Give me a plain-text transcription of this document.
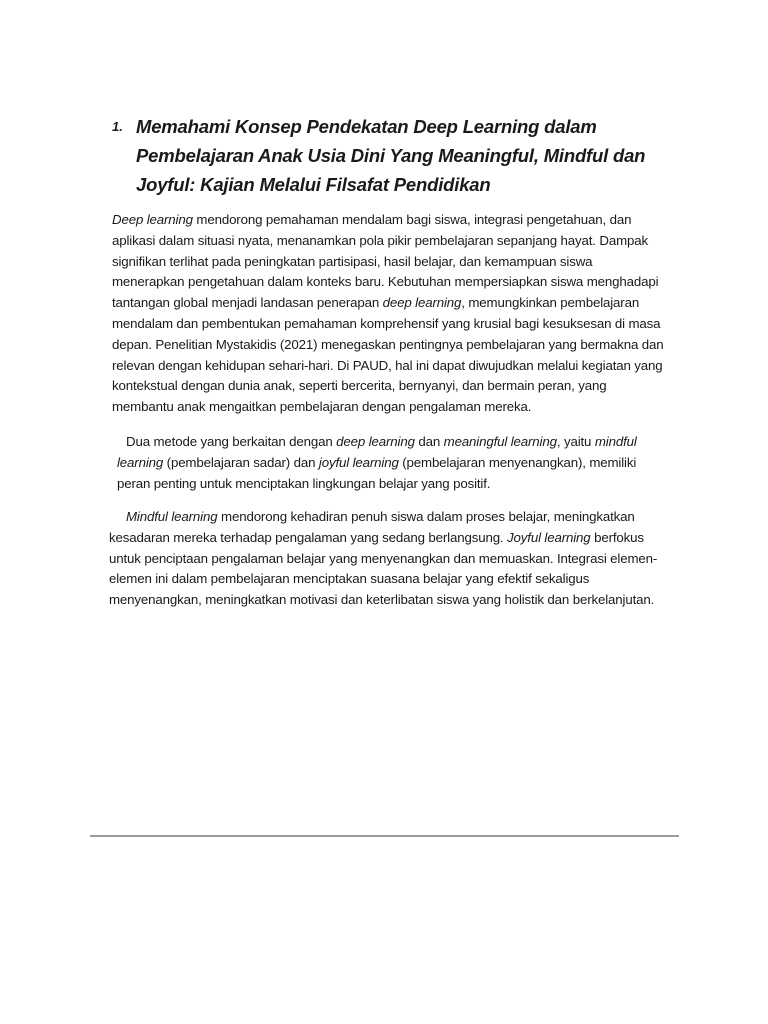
1. Memahami Konsep Pendekatan Deep Learning dalam
Pembelajaran Anak Usia Dini Yang Meaningful, Mindful dan
Joyful: Kajian Melalui Filsafat Pendidikan

Deep learning mendorong pemahaman mendalam bagi siswa, integrasi pengetahuan, dan
aplikasi dalam situasi nyata, menanamkan pola pikir pembelajaran sepanjang hayat. Dampak
signifikan terlihat pada peningkatan partisipasi, hasil belajar, dan kemampuan siswa
menerapkan pengetahuan dalam konteks baru. Kebutuhan mempersiapkan siswa menghadapi
tantangan global menjadi landasan penerapan deep learning, memungkinkan pembelajaran
mendalam dan pembentukan pemahaman komprehensif yang krusial bagi kesuksesan di masa
depan. Penelitian Mystakidis (2021) menegaskan pentingnya pembelajaran yang bermakna dan
relevan dengan kehidupan sehari-hari. Di PAUD, hal ini dapat diwujudkan melalui kegiatan yang
kontekstual dengan dunia anak, seperti bercerita, bernyanyi, dan bermain peran, yang
membantu anak mengaitkan pembelajaran dengan pengalaman mereka.

Dua metode yang berkaitan dengan deep learning dan meaningful learning, yaitu mindful
learning (pembelajaran sadar) dan joyful learning (pembelajaran menyenangkan), memiliki
peran penting untuk menciptakan lingkungan belajar yang positif.

Mindful learning mendorong kehadiran penuh siswa dalam proses belajar, meningkatkan
kesadaran mereka terhadap pengalaman yang sedang berlangsung. Joyful learning berfokus
untuk penciptaan pengalaman belajar yang menyenangkan dan memuaskan. Integrasi elemen-
elemen ini dalam pembelajaran menciptakan suasana belajar yang efektif sekaligus
menyenangkan, meningkatkan motivasi dan keterlibatan siswa yang holistik dan berkelanjutan.
